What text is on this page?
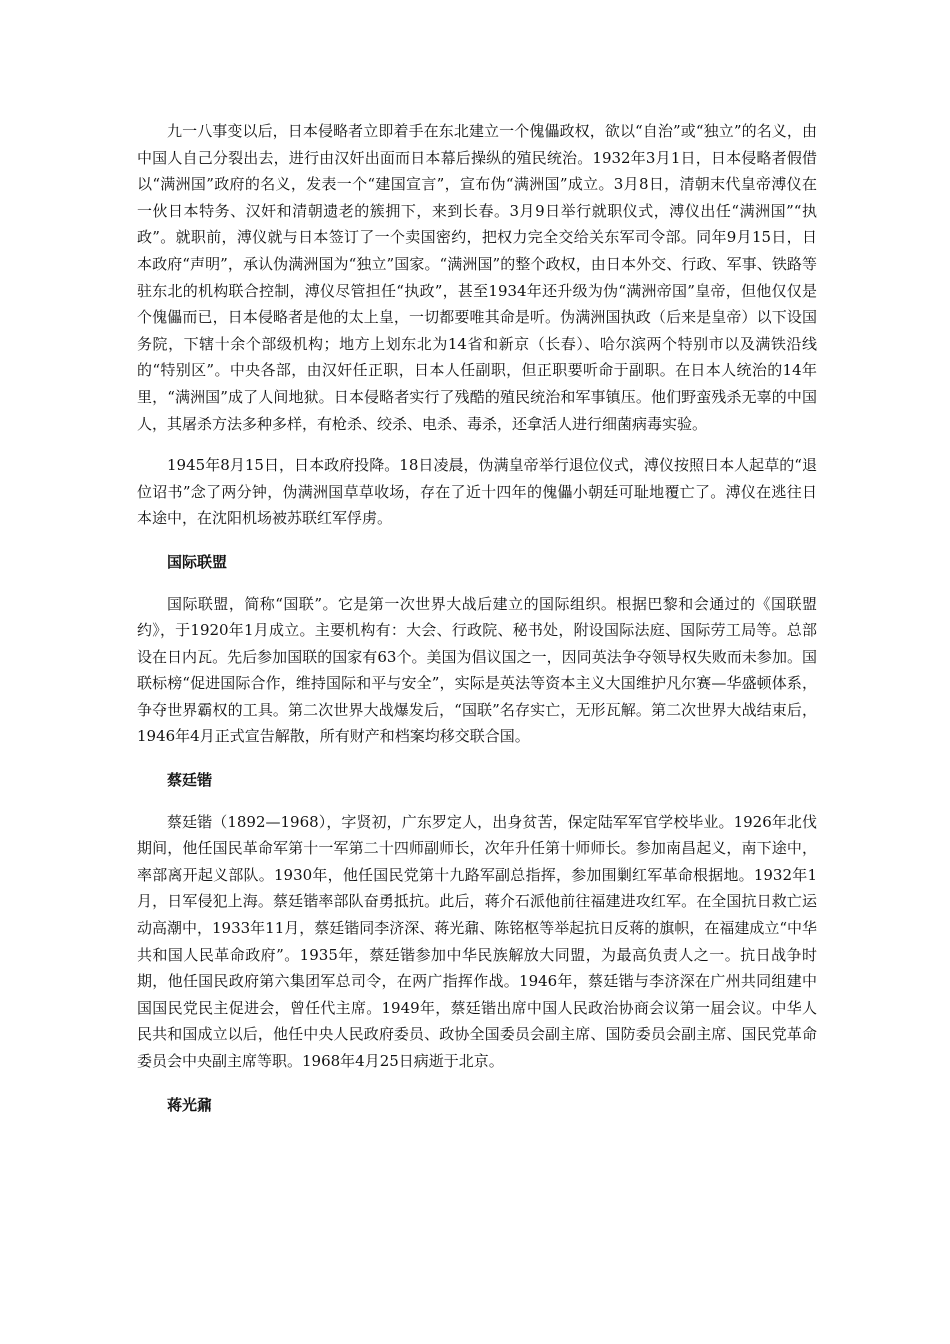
九一八事变以后，日本侵略者立即着手在东北建立一个傀儡政权，欲以“自治”或“独立”的名义，由中国人自己分裂出去，进行由汉奸出面而日本幕后操纵的殖民统治。1932年3月1日，日本侵略者假借以“满洲国”政府的名义，发表一个“建国宣言”，宣布伪“满洲国”成立。3月8日，清朝末代皇帝溥仪在一伙日本特务、汉奸和清朝遗老的簇拥下，来到长春。3月9日举行就职仪式，溥仪出任“满洲国”“执政”。就职前，溥仪就与日本签订了一个卖国密约，把权力完全交给关东军司令部。同年9月15日，日本政府“声明”，承认伪满洲国为“独立”国家。“满洲国”的整个政权，由日本外交、行政、军事、铁路等驻东北的机构联合控制，溥仪尽管担任“执政”，甚至1934年还升级为伪“满洲帝国”皇帝，但他仅仅是个傀儡而已，日本侵略者是他的太上皇，一切都要唯其命是听。伪满洲国执政（后来是皇帝）以下设国务院，下辖十余个部级机构；地方上划东北为14省和新京（长春）、哈尔滨两个特别市以及满铁沿线的“特别区”。中央各部，由汉奸任正职，日本人任副职，但正职要听命于副职。在日本人统治的14年里，“满洲国”成了人间地狱。日本侵略者实行了残酷的殖民统治和军事镇压。他们野蛮残杀无辜的中国人，其屠杀方法多种多样，有枪杀、绞杀、电杀、毒杀，还拿活人进行细菌病毒实验。

1945年8月15日，日本政府投降。18日凌晨，伪满皇帝举行退位仪式，溥仪按照日本人起草的“退位诏书”念了两分钟，伪满洲国草草收场，存在了近十四年的傀儡小朝廷可耻地覆亡了。溥仪在逃往日本途中，在沈阳机场被苏联红军俘虏。

国际联盟

国际联盟，简称“国联”。它是第一次世界大战后建立的国际组织。根据巴黎和会通过的《国联盟约》，于1920年1月成立。主要机构有：大会、行政院、秘书处，附设国际法庭、国际劳工局等。总部设在日内瓦。先后参加国联的国家有63个。美国为倡议国之一，因同英法争夺领导权失败而未参加。国联标榜“促进国际合作，维持国际和平与安全”，实际是英法等资本主义大国维护凡尔赛—华盛顿体系，争夺世界霸权的工具。第二次世界大战爆发后，“国联”名存实亡，无形瓦解。第二次世界大战结束后，1946年4月正式宣告解散，所有财产和档案均移交联合国。

蔡廷锴

蔡廷锴（1892—1968），字贤初，广东罗定人，出身贫苦，保定陆军军官学校毕业。1926年北伐期间，他任国民革命军第十一军第二十四师副师长，次年升任第十师师长。参加南昌起义，南下途中，率部离开起义部队。1930年，他任国民党第十九路军副总指挥，参加围剿红军革命根据地。1932年1月，日军侵犯上海。蔡廷锴率部队奋勇抵抗。此后，蒋介石派他前往福建进攻红军。在全国抗日救亡运动高潮中，1933年11月，蔡廷锴同李济深、蒋光鼐、陈铭枢等举起抗日反蒋的旗帜，在福建成立“中华共和国人民革命政府”。1935年，蔡廷锴参加中华民族解放大同盟，为最高负责人之一。抗日战争时期，他任国民政府第六集团军总司令，在两广指挥作战。1946年，蔡廷锴与李济深在广州共同组建中国国民党民主促进会，曾任代主席。1949年，蔡廷锴出席中国人民政治协商会议第一届会议。中华人民共和国成立以后，他任中央人民政府委员、政协全国委员会副主席、国防委员会副主席、国民党革命委员会中央副主席等职。1968年4月25日病逝于北京。

蒋光鼐
